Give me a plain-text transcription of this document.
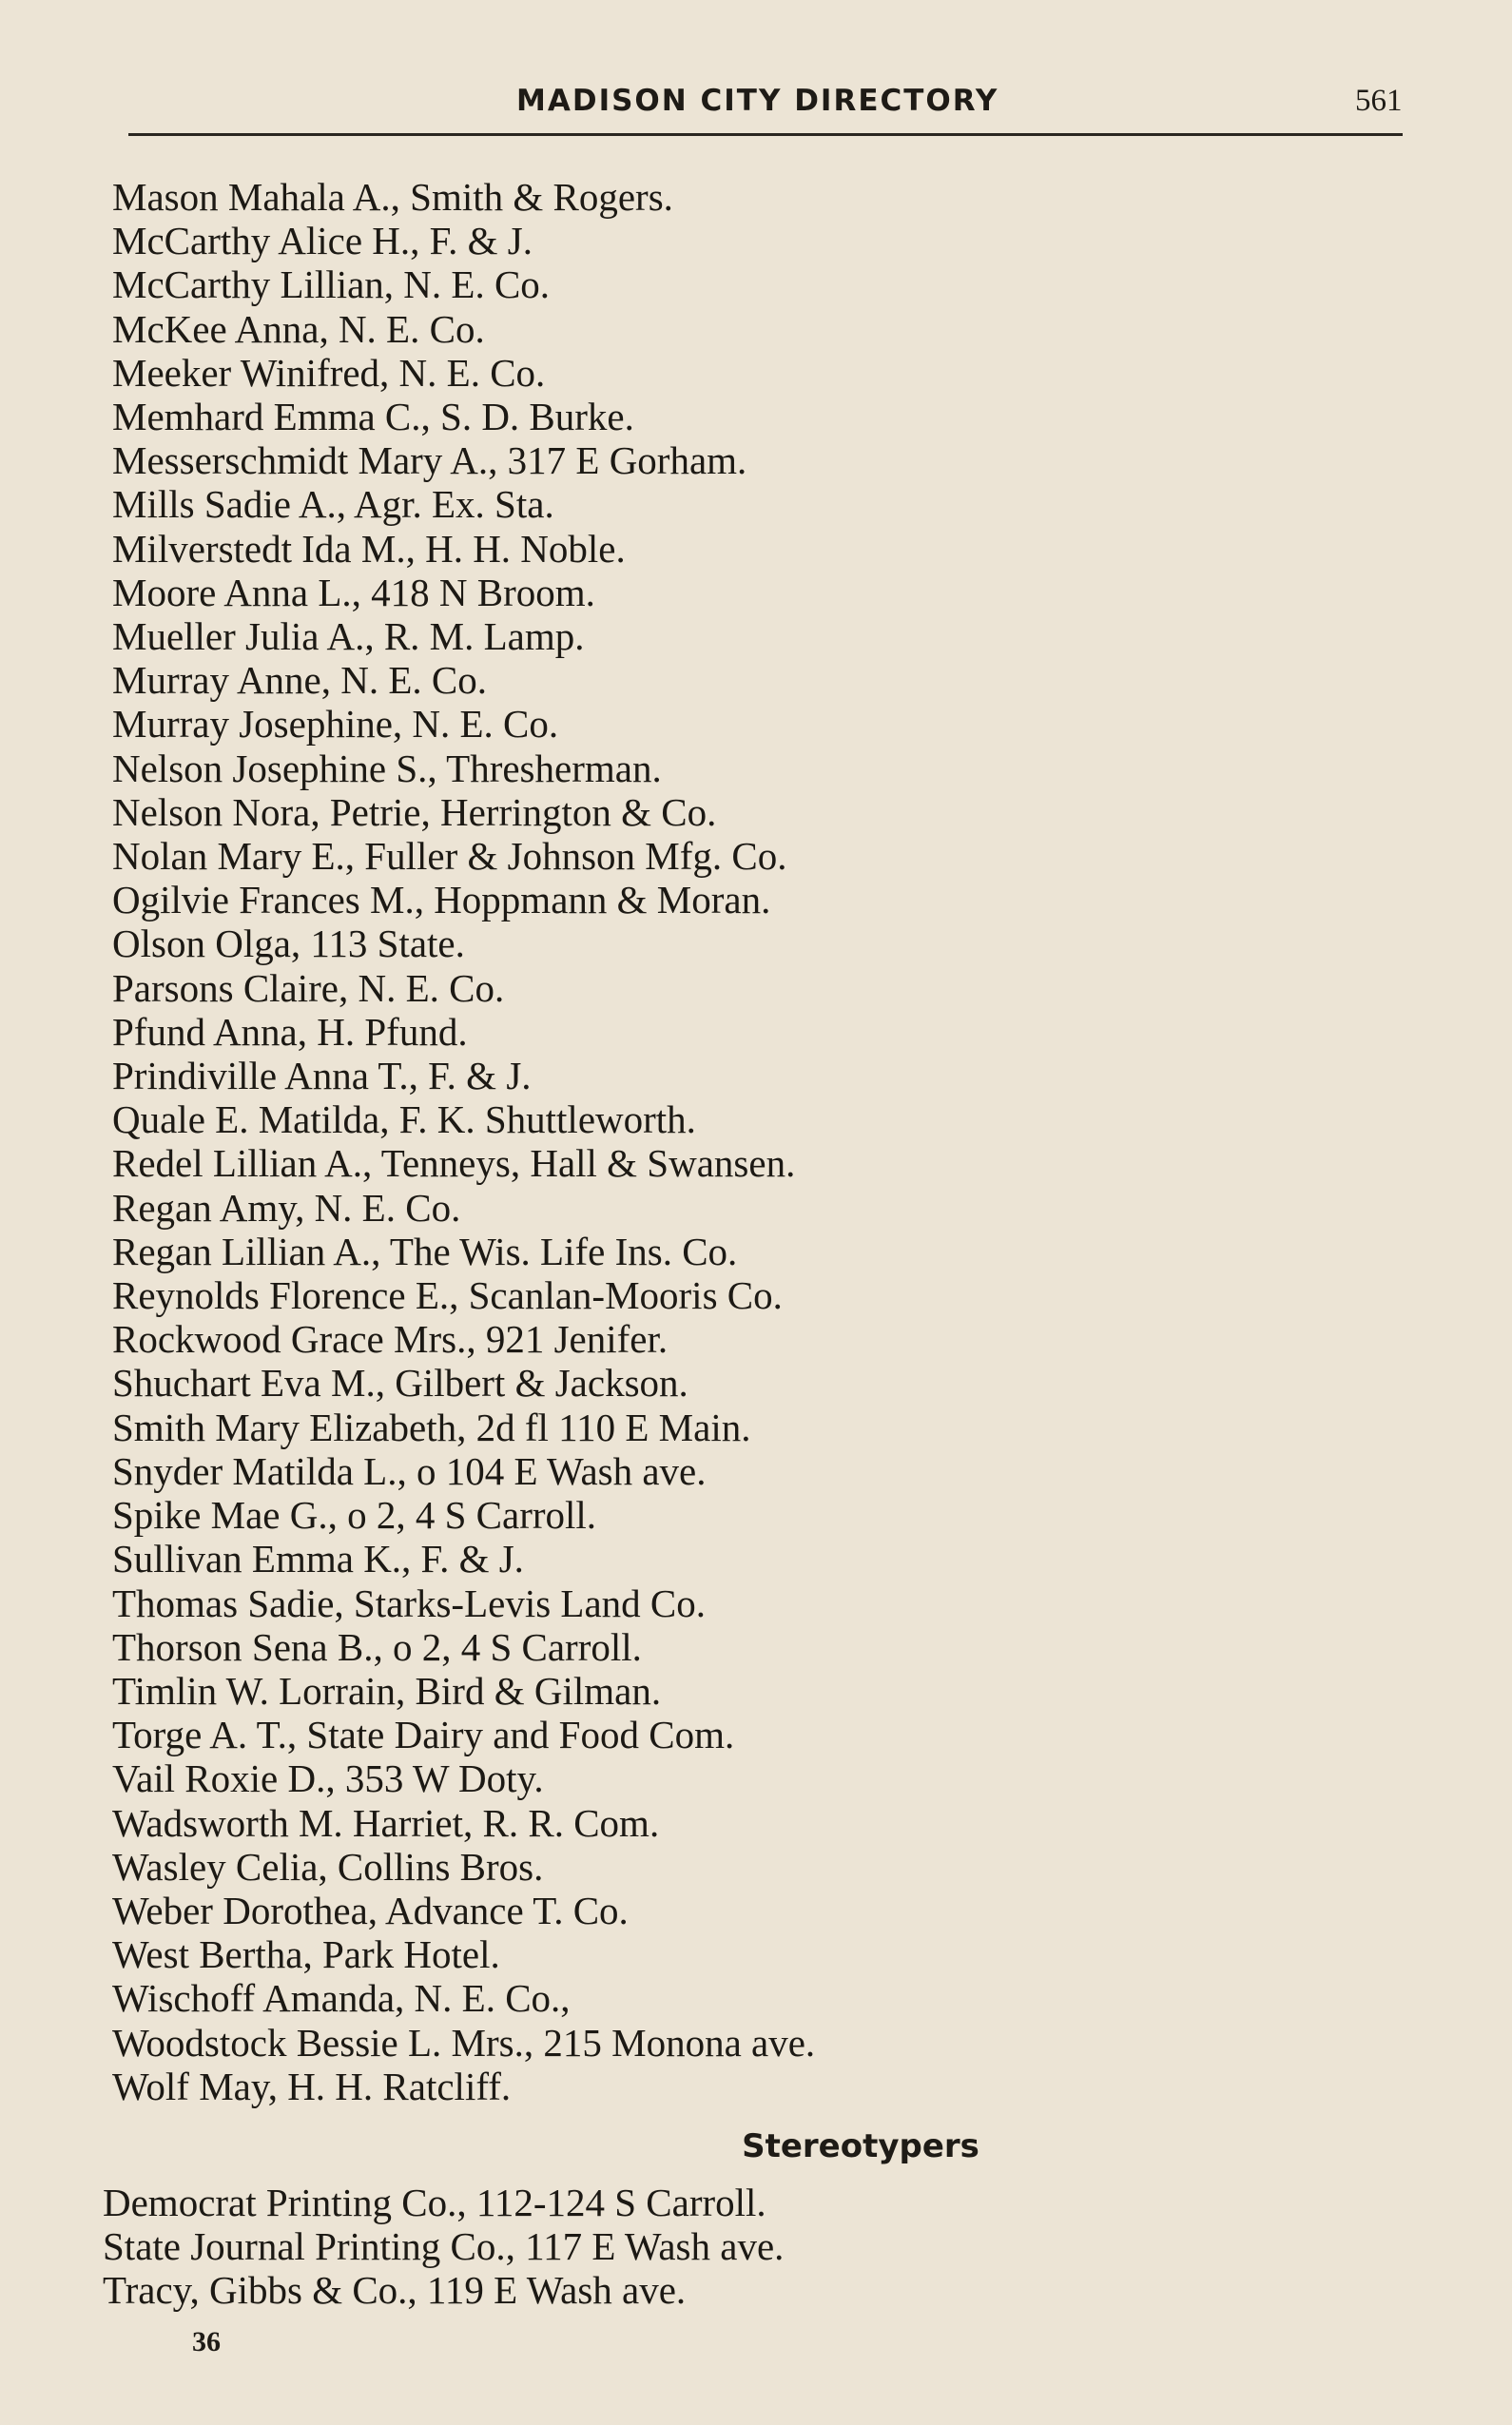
MADISON CITY DIRECTORY	561
Mason Mahala A., Smith & Rogers.
McCarthy Alice H., F. & J.
McCarthy Lillian, N. E. Co.
McKee Anna, N. E. Co.
Meeker Winifred, N. E. Co.
Memhard Emma C., S. D. Burke.
Messerschmidt Mary A., 317 E Gorham.
Mills Sadie A., Agr. Ex. Sta.
Milverstedt Ida M., H. H. Noble.
Moore Anna L., 418 N Broom.
Mueller Julia A., R. M. Lamp.
Murray Anne, N. E. Co.
Murray Josephine, N. E. Co.
Nelson Josephine S., Thresherman.
Nelson Nora, Petrie, Herrington & Co.
Nolan Mary E., Fuller & Johnson Mfg. Co.
Ogilvie Frances M., Hoppmann & Moran.
Olson Olga, 113 State.
Parsons Claire, N. E. Co.
Pfund Anna, H. Pfund.
Prindiville Anna T., F. & J.
Quale E. Matilda, F. K. Shuttleworth.
Redel Lillian A., Tenneys, Hall & Swansen.
Regan Amy, N. E. Co.
Regan Lillian A., The Wis. Life Ins. Co.
Reynolds Florence E., Scanlan-Mooris Co.
Rockwood Grace Mrs., 921 Jenifer.
Shuchart Eva M., Gilbert & Jackson.
Smith Mary Elizabeth, 2d fl 110 E Main.
Snyder Matilda L., o 104 E Wash ave.
Spike Mae G., o 2, 4 S Carroll.
Sullivan Emma K., F. & J.
Thomas Sadie, Starks-Levis Land Co.
Thorson Sena B., o 2, 4 S Carroll.
Timlin W. Lorrain, Bird & Gilman.
Torge A. T., State Dairy and Food Com.
Vail Roxie D., 353 W Doty.
Wadsworth M. Harriet, R. R. Com.
Wasley Celia, Collins Bros.
Weber Dorothea, Advance T. Co.
West Bertha, Park Hotel.
Wischoff Amanda, N. E. Co.,
Woodstock Bessie L. Mrs., 215 Monona ave.
Wolf May, H. H. Ratcliff.
Stereotypers
Democrat Printing Co., 112-124 S Carroll.
State Journal Printing Co., 117 E Wash ave.
Tracy, Gibbs & Co., 119 E Wash ave.
36
